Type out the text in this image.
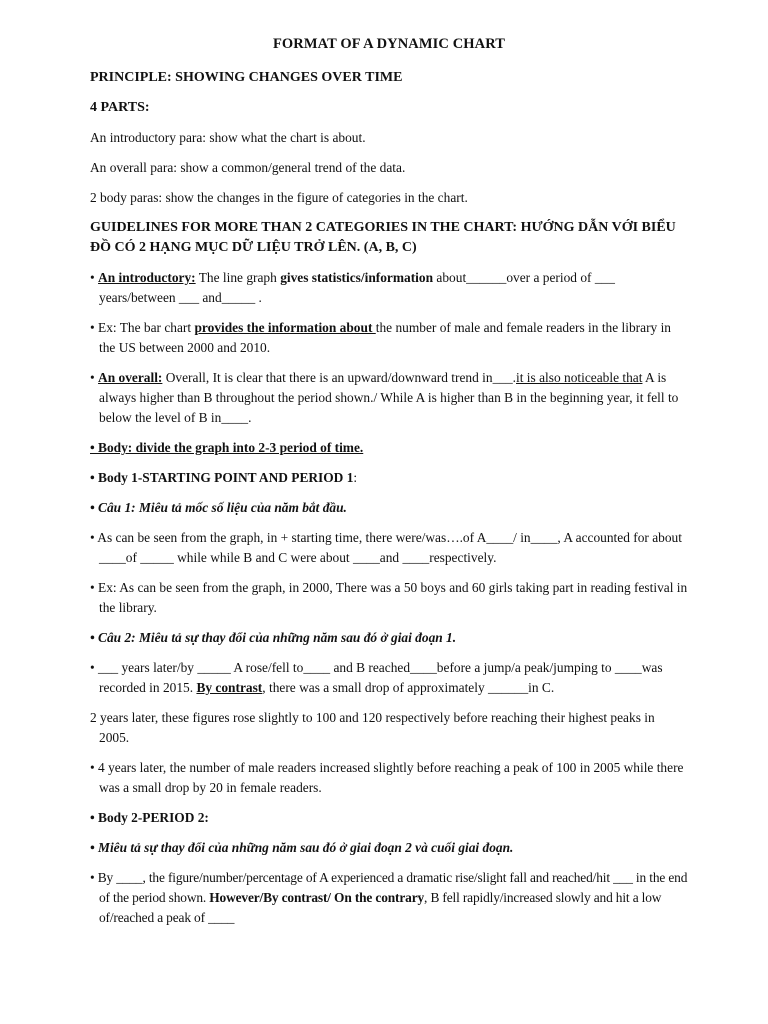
FORMAT OF A DYNAMIC CHART
PRINCIPLE: SHOWING CHANGES OVER TIME
4 PARTS:
An introductory para: show what the chart is about.
An overall para: show a common/general trend of the data.
2 body paras: show the changes in the figure of categories in the chart.
GUIDELINES FOR MORE THAN 2 CATEGORIES IN THE CHART: HƯỚNG DẪN VỚI BIỂU ĐỒ CÓ 2 HẠNG MỤC DỮ LIỆU TRỞ LÊN. (A, B, C)
• An introductory: The line graph gives statistics/information about______over a period of ___ years/between ___ and_____ .
• Ex: The bar chart provides the information about the number of male and female readers in the library in the US between 2000 and 2010.
• An overall: Overall, It is clear that there is an upward/downward trend in___.it is also noticeable that A is always higher than B throughout the period shown./ While A is higher than B in the beginning year, it fell to below the level of B in____.
• Body: divide the graph into 2-3 period of time.
• Body 1-STARTING POINT AND PERIOD 1:
• Câu 1: Miêu tả mốc số liệu của năm bắt đầu.
• As can be seen from the graph, in + starting time, there were/was….of A____/ in____, A accounted for about ____of _____ while while B and C were about ____and ____respectively.
• Ex: As can be seen from the graph, in 2000, There was a 50 boys and 60 girls taking part in reading festival in the library.
• Câu 2: Miêu tả sự thay đổi của những năm sau đó ở giai đoạn 1.
• ___ years later/by _____ A rose/fell to____ and B reached____before a jump/a peak/jumping to ____was recorded in 2015. By contrast, there was a small drop of approximately ______in C.
2 years later, these figures rose slightly to 100 and 120 respectively before reaching their highest peaks in 2005.
• 4 years later, the number of male readers increased slightly before reaching a peak of 100 in 2005 while there was a small drop by 20 in female readers.
• Body 2-PERIOD 2:
• Miêu tả sự thay đổi của những năm sau đó ở giai đoạn 2 và cuối giai đoạn.
• By ____, the figure/number/percentage of A experienced a dramatic rise/slight fall and reached/hit ___ in the end of the period shown. However/By contrast/ On the contrary, B fell rapidly/increased slowly and hit a low of/reached a peak of ____
